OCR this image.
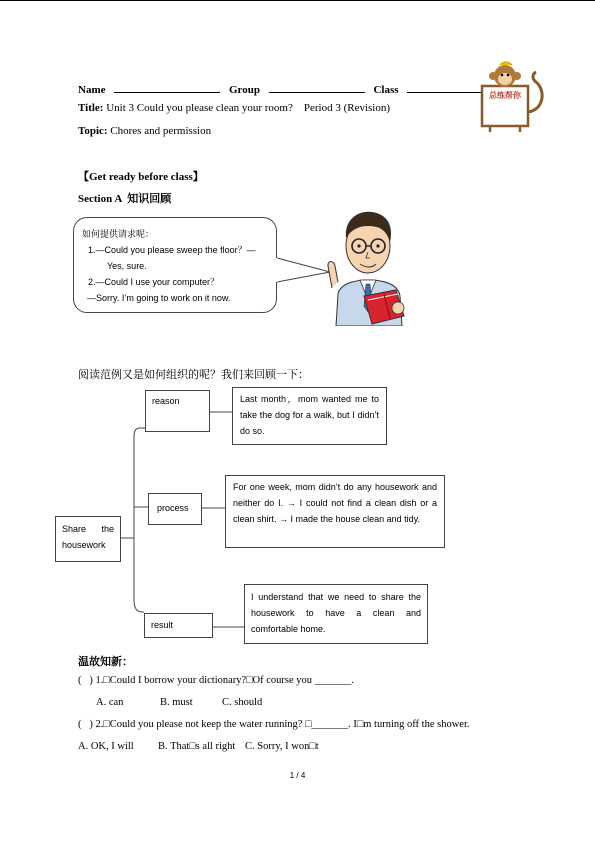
Name	Group	Class
Title: Unit 3 Could you please clean your room?    Period 3 (Revision)
Topic: Chores and permission
总练帮你
【Get ready before class】
Section A  知识回顾
如何提供请求呢：
1.—Could you please sweep the floor？—
Yes, sure.
2.—Could I use your computer？
—Sorry. I’m going to work on it now.
阅读范例又是如何组织的呢？我们来回顾一下：
Share the housework
reason
process
result
Last month，mom wanted me to take the dog for a walk, but I didn’t do so.
For one week, mom didn’t do any housework and neither do I. → I could not find a clean dish or a clean shirt. → I made the house clean and tidy.
I understand that we need to share the housework to have a clean and comfortable home.
温故知新：
(   ) 1.□Could I borrow your dictionary?□Of course you _______.
A. can	B. must	C. should
(   ) 2.□Could you please not keep the water running? □_______. I□m turning off the shower.
A. OK, I will B. That□s all right C. Sorry, I won□t
1 / 4
